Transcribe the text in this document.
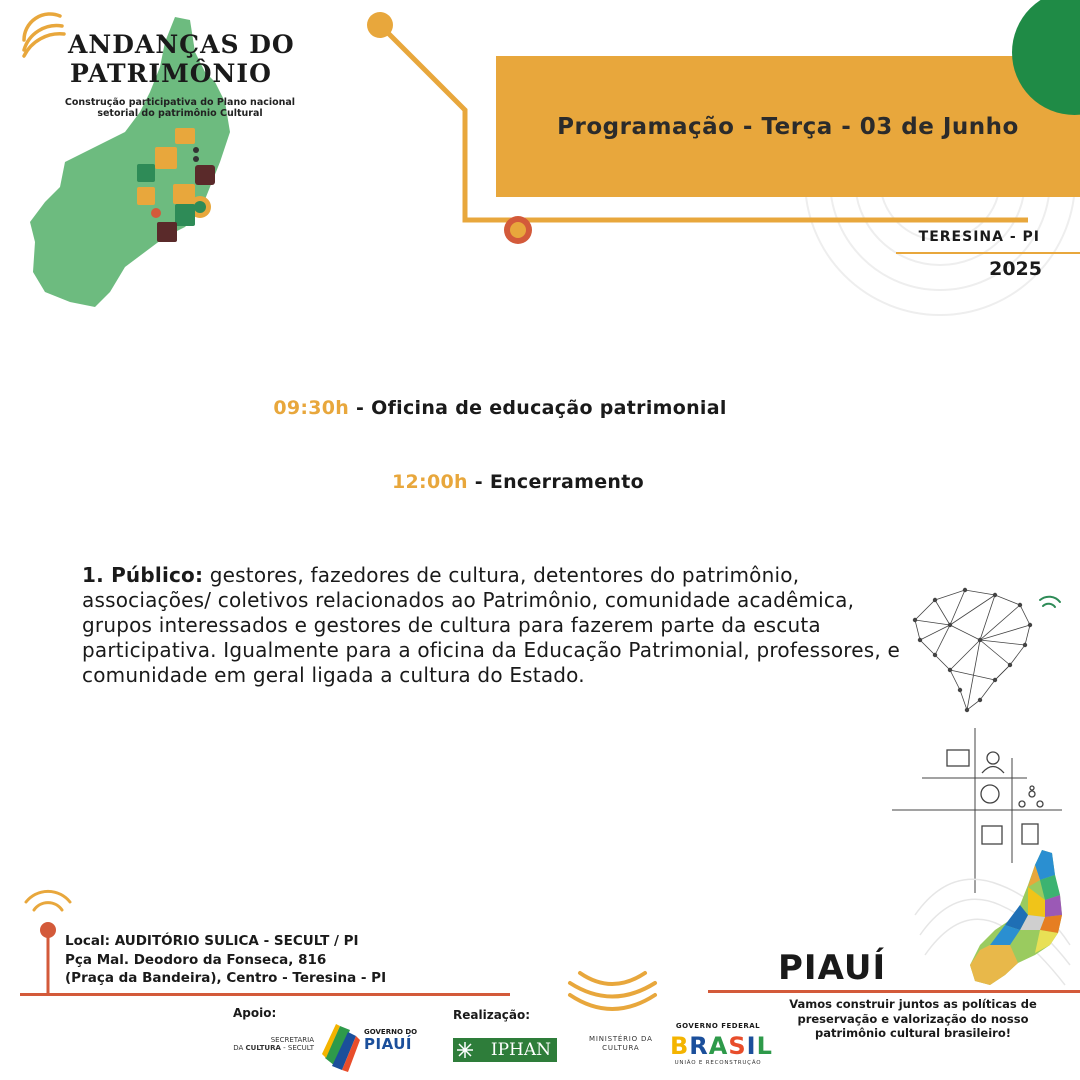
ANDANÇAS DO
PATRIMÔNIO
Construção participativa do Plano nacional setorial do patrimônio Cultural	Programação - Terça - 03 de Junho
TERESINA - PI
2025
09:30h - Oficina de educação patrimonial
12:00h - Encerramento
1. Público: gestores, fazedores de cultura, detentores do patrimônio, associações/ coletivos relacionados ao Patrimônio, comunidade acadêmica, grupos interessados e gestores de cultura para fazerem parte da escuta participativa. Igualmente para a oficina da Educação Patrimonial, professores, e comunidade em geral ligada a cultura do Estado.
Local: AUDITÓRIO SULICA - SECULT / PI
Pça Mal. Deodoro da Fonseca, 816
(Praça da Bandeira), Centro - Teresina - PI	PIAUÍ
Vamos construir juntos as políticas de preservação e valorização do nosso patrimônio cultural brasileiro!
Apoio:	Realização:
SECRETARIA
DA CULTURA - SECULT
GOVERNO DO
PIAUÍ	IPHAN
MINISTÉRIO DA
CULTURA
GOVERNO FEDERAL
BRASIL
UNIÃO E RECONSTRUÇÃO
